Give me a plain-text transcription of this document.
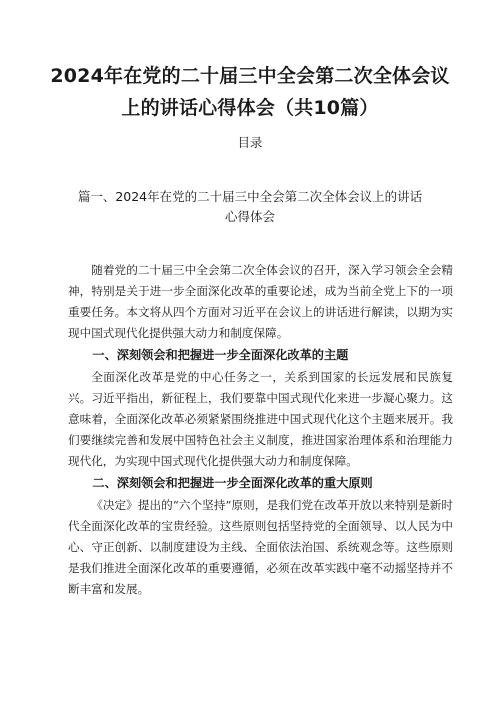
2024年在党的二十届三中全会第二次全体会议
上的讲话心得体会（共10篇）
目录
篇一、2024年在党的二十届三中全会第二次全体会议上的讲话
心得体会

随着党的二十届三中全会第二次全体会议的召开，深入学习领会全会精神，特别是关于进一步全面深化改革的重要论述，成为当前全党上下的一项重要任务。本文将从四个方面对习近平在会议上的讲话进行解读，以期为实现中国式现代化提供强大动力和制度保障。

一、深刻领会和把握进一步全面深化改革的主题

全面深化改革是党的中心任务之一，关系到国家的长远发展和民族复兴。习近平指出，新征程上，我们要靠中国式现代化来进一步凝心聚力。这意味着，全面深化改革必须紧紧围绕推进中国式现代化这个主题来展开。我们要继续完善和发展中国特色社会主义制度，推进国家治理体系和治理能力现代化，为实现中国式现代化提供强大动力和制度保障。

二、深刻领会和把握进一步全面深化改革的重大原则

《决定》提出的“六个坚持”原则，是我们党在改革开放以来特别是新时代全面深化改革的宝贵经验。这些原则包括坚持党的全面领导、以人民为中心、守正创新、以制度建设为主线、全面依法治国、系统观念等。这些原则是我们推进全面深化改革的重要遵循，必须在改革实践中毫不动摇坚持并不断丰富和发展。
